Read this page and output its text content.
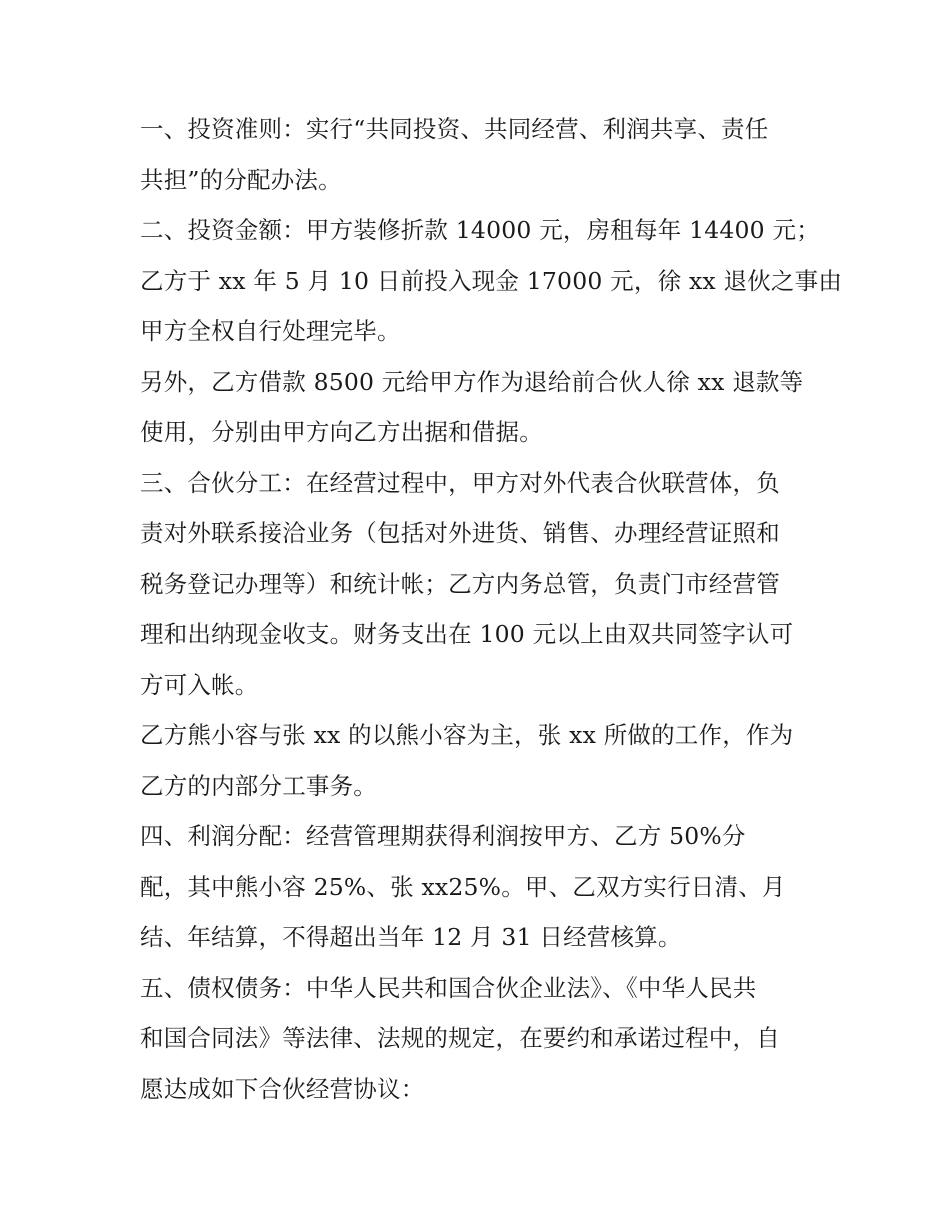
一、投资准则：实行“共同投资、共同经营、利润共享、责任
共担”的分配办法。
二、投资金额：甲方装修折款 14000 元，房租每年 14400 元；
乙方于 xx 年 5 月 10 日前投入现金 17000 元，徐 xx 退伙之事由
甲方全权自行处理完毕。
另外，乙方借款 8500 元给甲方作为退给前合伙人徐 xx 退款等
使用，分别由甲方向乙方出据和借据。
三、合伙分工：在经营过程中，甲方对外代表合伙联营体，负
责对外联系接洽业务（包括对外进货、销售、办理经营证照和
税务登记办理等）和统计帐；乙方内务总管，负责门市经营管
理和出纳现金收支。财务支出在 100 元以上由双共同签字认可
方可入帐。
乙方熊小容与张 xx 的以熊小容为主，张 xx 所做的工作，作为
乙方的内部分工事务。
四、利润分配：经营管理期获得利润按甲方、乙方 50%分
配，其中熊小容 25%、张 xx25%。甲、乙双方实行日清、月
结、年结算，不得超出当年 12 月 31 日经营核算。
五、债权债务：中华人民共和国合伙企业法》、《中华人民共
和国合同法》等法律、法规的规定，在要约和承诺过程中，自
愿达成如下合伙经营协议：
